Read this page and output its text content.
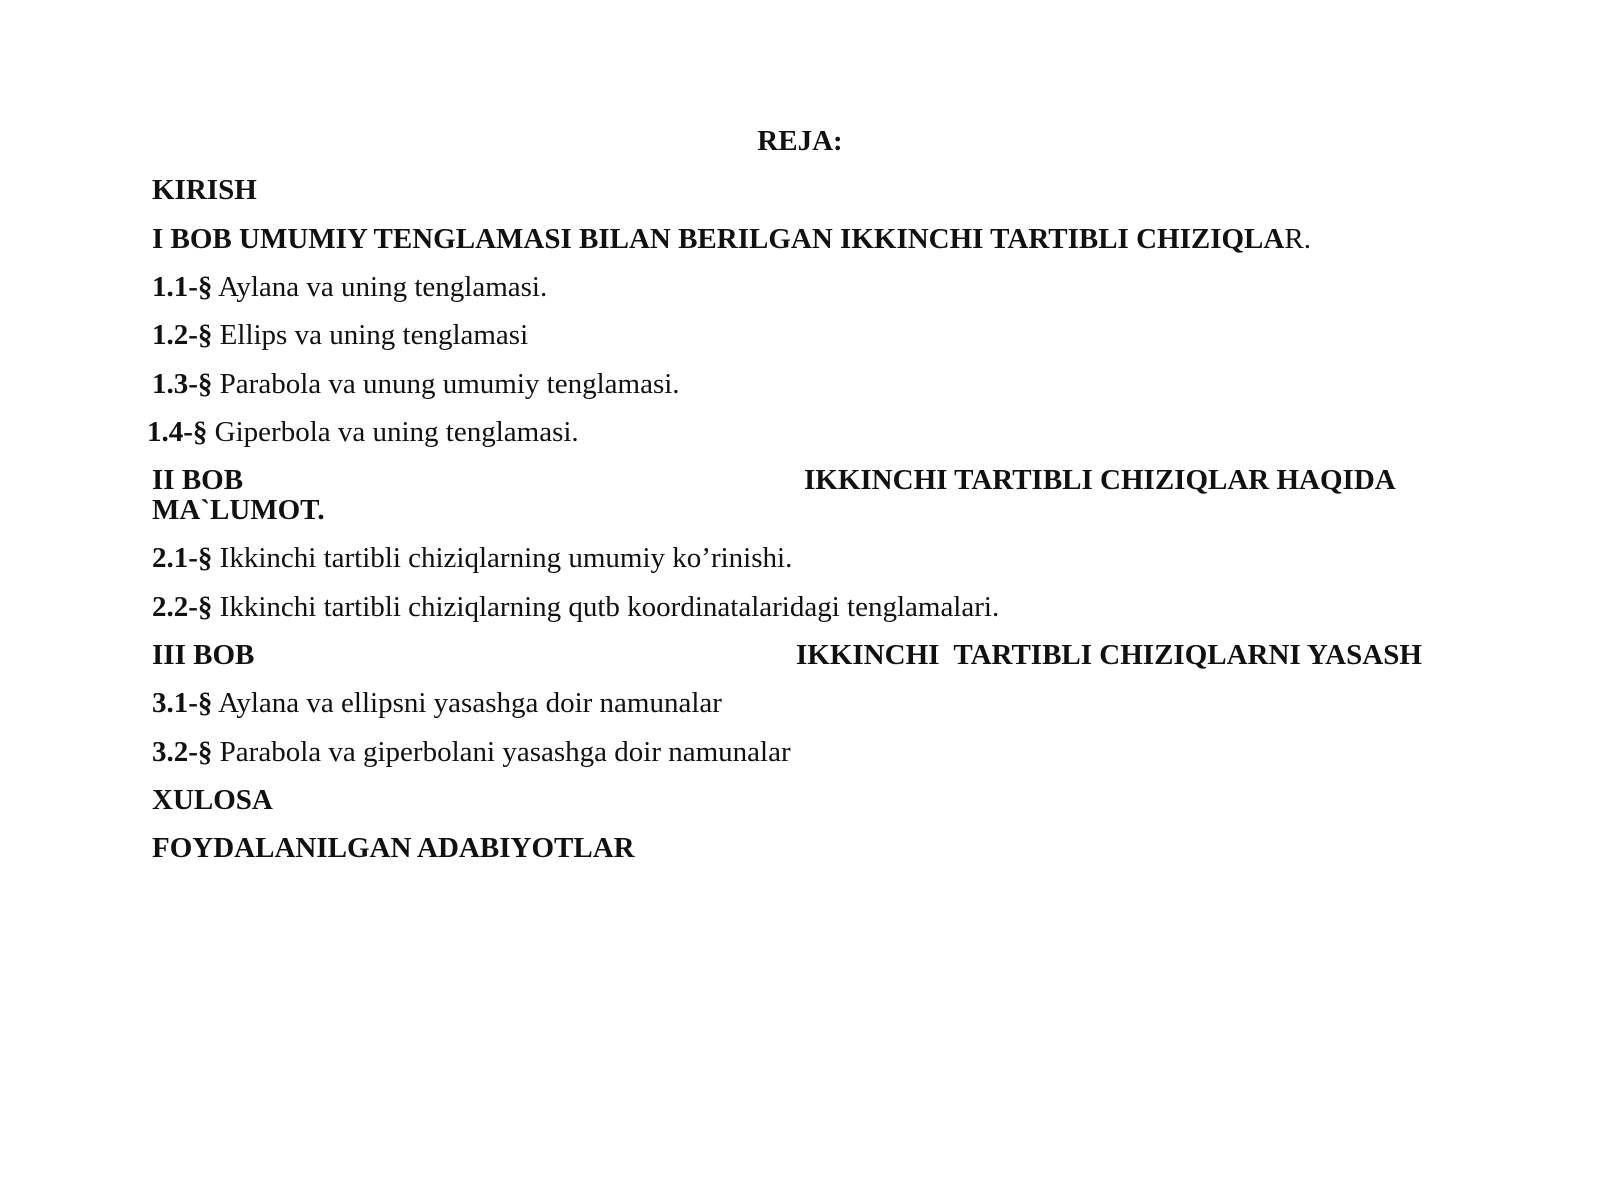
REJA:
KIRISH
I BOB UMUMIY TENGLAMASI BILAN BERILGAN IKKINCHI TARTIBLI CHIZIQLAR.
1.1-§ Aylana va uning tenglamasi.
1.2-§ Ellips va uning tenglamasi
1.3-§ Parabola va unung umumiy tenglamasi.
1.4-§ Giperbola va uning tenglamasi.
II BOB	IKKINCHI TARTIBLI CHIZIQLAR HAQIDA
MA`LUMOT.
2.1-§ Ikkinchi tartibli chiziqlarning umumiy ko’rinishi.
2.2-§ Ikkinchi tartibli chiziqlarning qutb koordinatalaridagi tenglamalari.
III BOB	IKKINCHI  TARTIBLI CHIZIQLARNI YASASH
3.1-§ Aylana va ellipsni yasashga doir namunalar
3.2-§ Parabola va giperbolani yasashga doir namunalar
XULOSA
FOYDALANILGAN ADABIYOTLAR
